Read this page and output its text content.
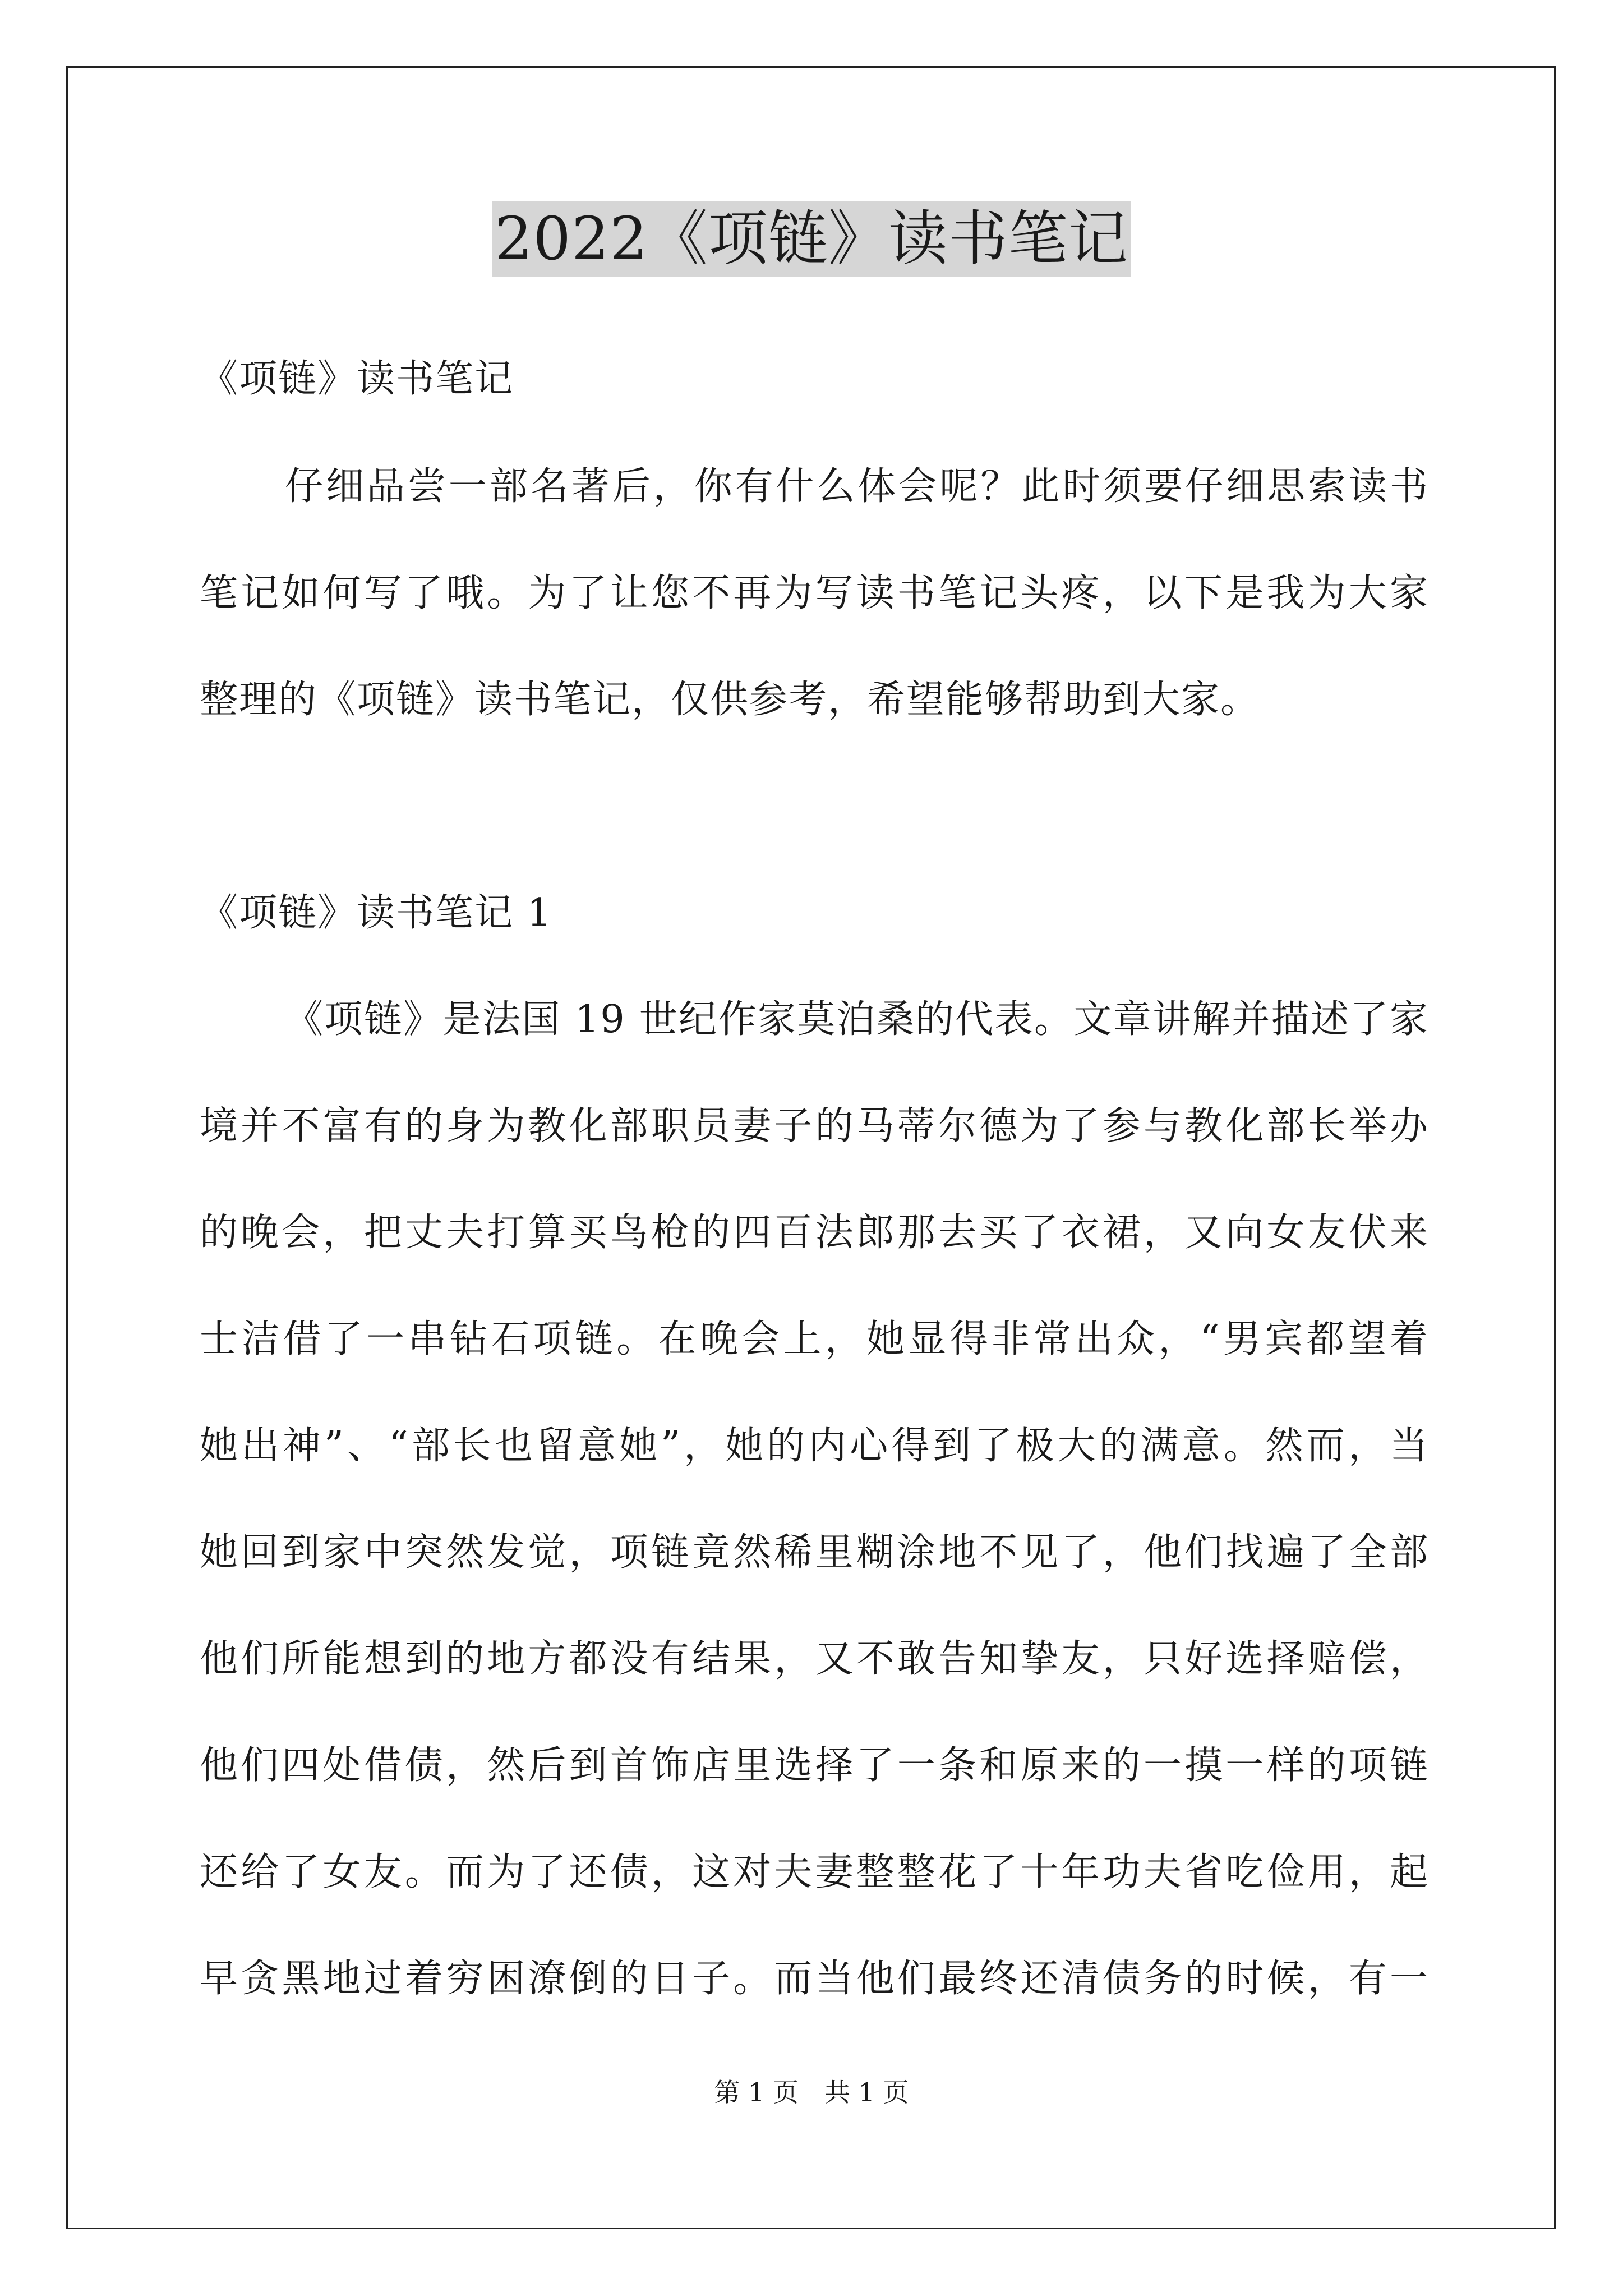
2022《项链》读书笔记
《项链》读书笔记
仔细品尝一部名著后，你有什么体会呢？此时须要仔细思索读书
笔记如何写了哦。为了让您不再为写读书笔记头疼，以下是我为大家
整理的《项链》读书笔记，仅供参考，希望能够帮助到大家。
《项链》读书笔记 1
《项链》是法国 19 世纪作家莫泊桑的代表。文章讲解并描述了家
境并不富有的身为教化部职员妻子的马蒂尔德为了参与教化部长举办
的晚会，把丈夫打算买鸟枪的四百法郎那去买了衣裙，又向女友伏来
士洁借了一串钻石项链。在晚会上，她显得非常出众，“男宾都望着
她出神”、“部长也留意她”，她的内心得到了极大的满意。然而，当
她回到家中突然发觉，项链竟然稀里糊涂地不见了，他们找遍了全部
他们所能想到的地方都没有结果，又不敢告知挚友，只好选择赔偿，
他们四处借债，然后到首饰店里选择了一条和原来的一摸一样的项链
还给了女友。而为了还债，这对夫妻整整花了十年功夫省吃俭用，起
早贪黑地过着穷困潦倒的日子。而当他们最终还清债务的时候，有一
第 1 页　共 1 页
